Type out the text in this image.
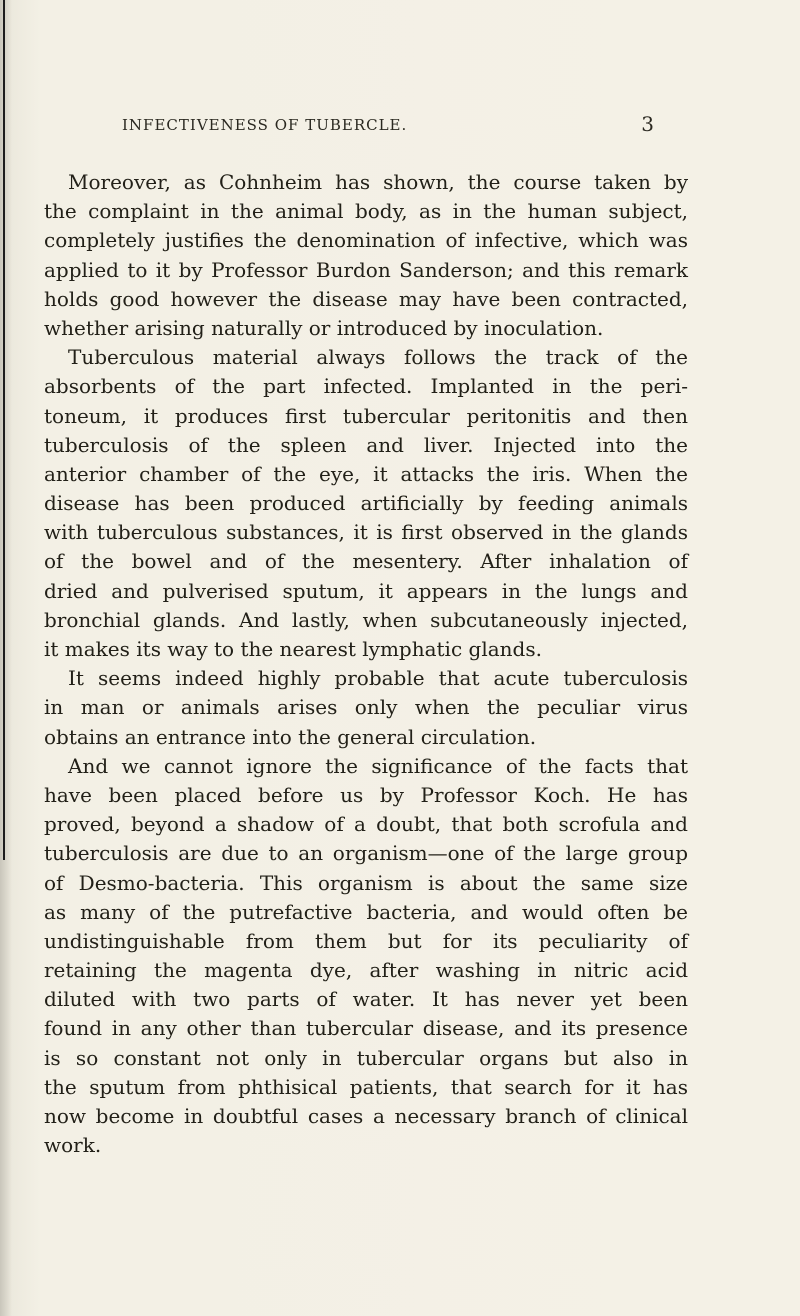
INFECTIVENESS OF TUBERCLE.	3
Moreover, as Cohnheim has shown, the course taken by
the complaint in the animal body, as in the human subject,
completely justifies the denomination of infective, which was
applied to it by Professor Burdon Sanderson; and this remark
holds good however the disease may have been contracted,
whether arising naturally or introduced by inoculation.
Tuberculous material always follows the track of the
absorbents of the part infected. Implanted in the peri-
toneum, it produces first tubercular peritonitis and then
tuberculosis of the spleen and liver. Injected into the
anterior chamber of the eye, it attacks the iris. When the
disease has been produced artificially by feeding animals
with tuberculous substances, it is first observed in the glands
of the bowel and of the mesentery. After inhalation of
dried and pulverised sputum, it appears in the lungs and
bronchial glands. And lastly, when subcutaneously injected,
it makes its way to the nearest lymphatic glands.
It seems indeed highly probable that acute tuberculosis
in man or animals arises only when the peculiar virus
obtains an entrance into the general circulation.
And we cannot ignore the significance of the facts that
have been placed before us by Professor Koch. He has
proved, beyond a shadow of a doubt, that both scrofula and
tuberculosis are due to an organism—one of the large group
of Desmo-bacteria. This organism is about the same size
as many of the putrefactive bacteria, and would often be
undistinguishable from them but for its peculiarity of
retaining the magenta dye, after washing in nitric acid
diluted with two parts of water. It has never yet been
found in any other than tubercular disease, and its presence
is so constant not only in tubercular organs but also in
the sputum from phthisical patients, that search for it has
now become in doubtful cases a necessary branch of clinical
work.
